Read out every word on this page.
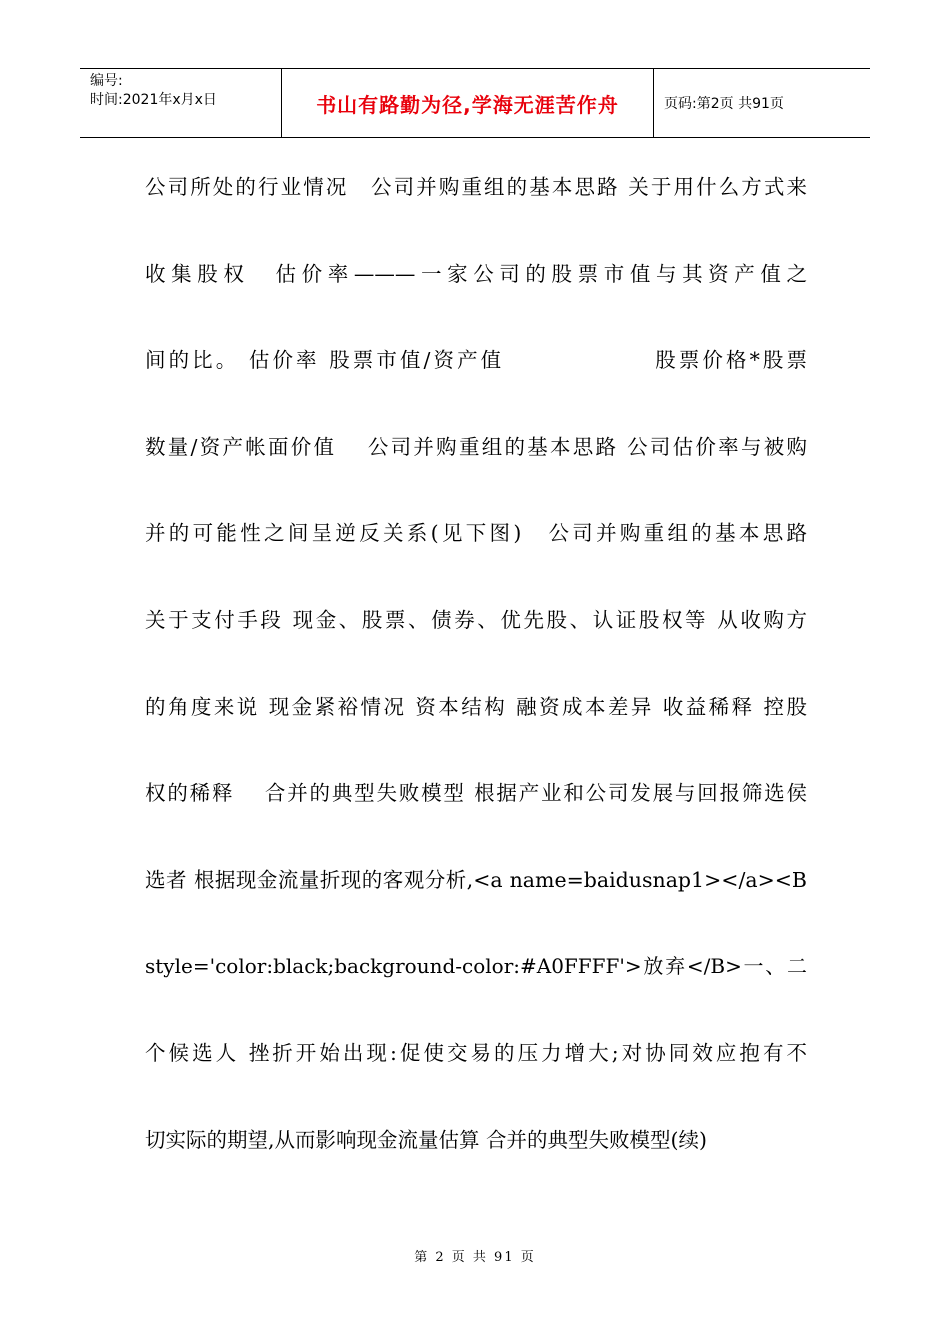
编号:
时间:2021年x月x日	书山有路勤为径,学海无涯苦作舟	页码:第2页 共91页
公司所处的行业情况　公司并购重组的基本思路 关于用什么方式来
收集股权　估价率———一家公司的股票市值与其资产值之
间的比。 估价率 股票市值/资产值　　　　　　 股票价格*股票
数量/资产帐面价值　 公司并购重组的基本思路 公司估价率与被购
并的可能性之间呈逆反关系(见下图)　公司并购重组的基本思路
关于支付手段 现金、股票、债券、优先股、认证股权等 从收购方
的角度来说 现金紧裕情况 资本结构 融资成本差异 收益稀释 控股
权的稀释　 合并的典型失败模型 根据产业和公司发展与回报筛选侯
选者 根据现金流量折现的客观分析,<a name=baidusnap1></a><B
style='color:black;background-color:#A0FFFF'>放弃</B>一、二
个候选人 挫折开始出现:促使交易的压力增大;对协同效应抱有不
切实际的期望,从而影响现金流量估算 合并的典型失败模型(续)
第 2 页 共 91 页
